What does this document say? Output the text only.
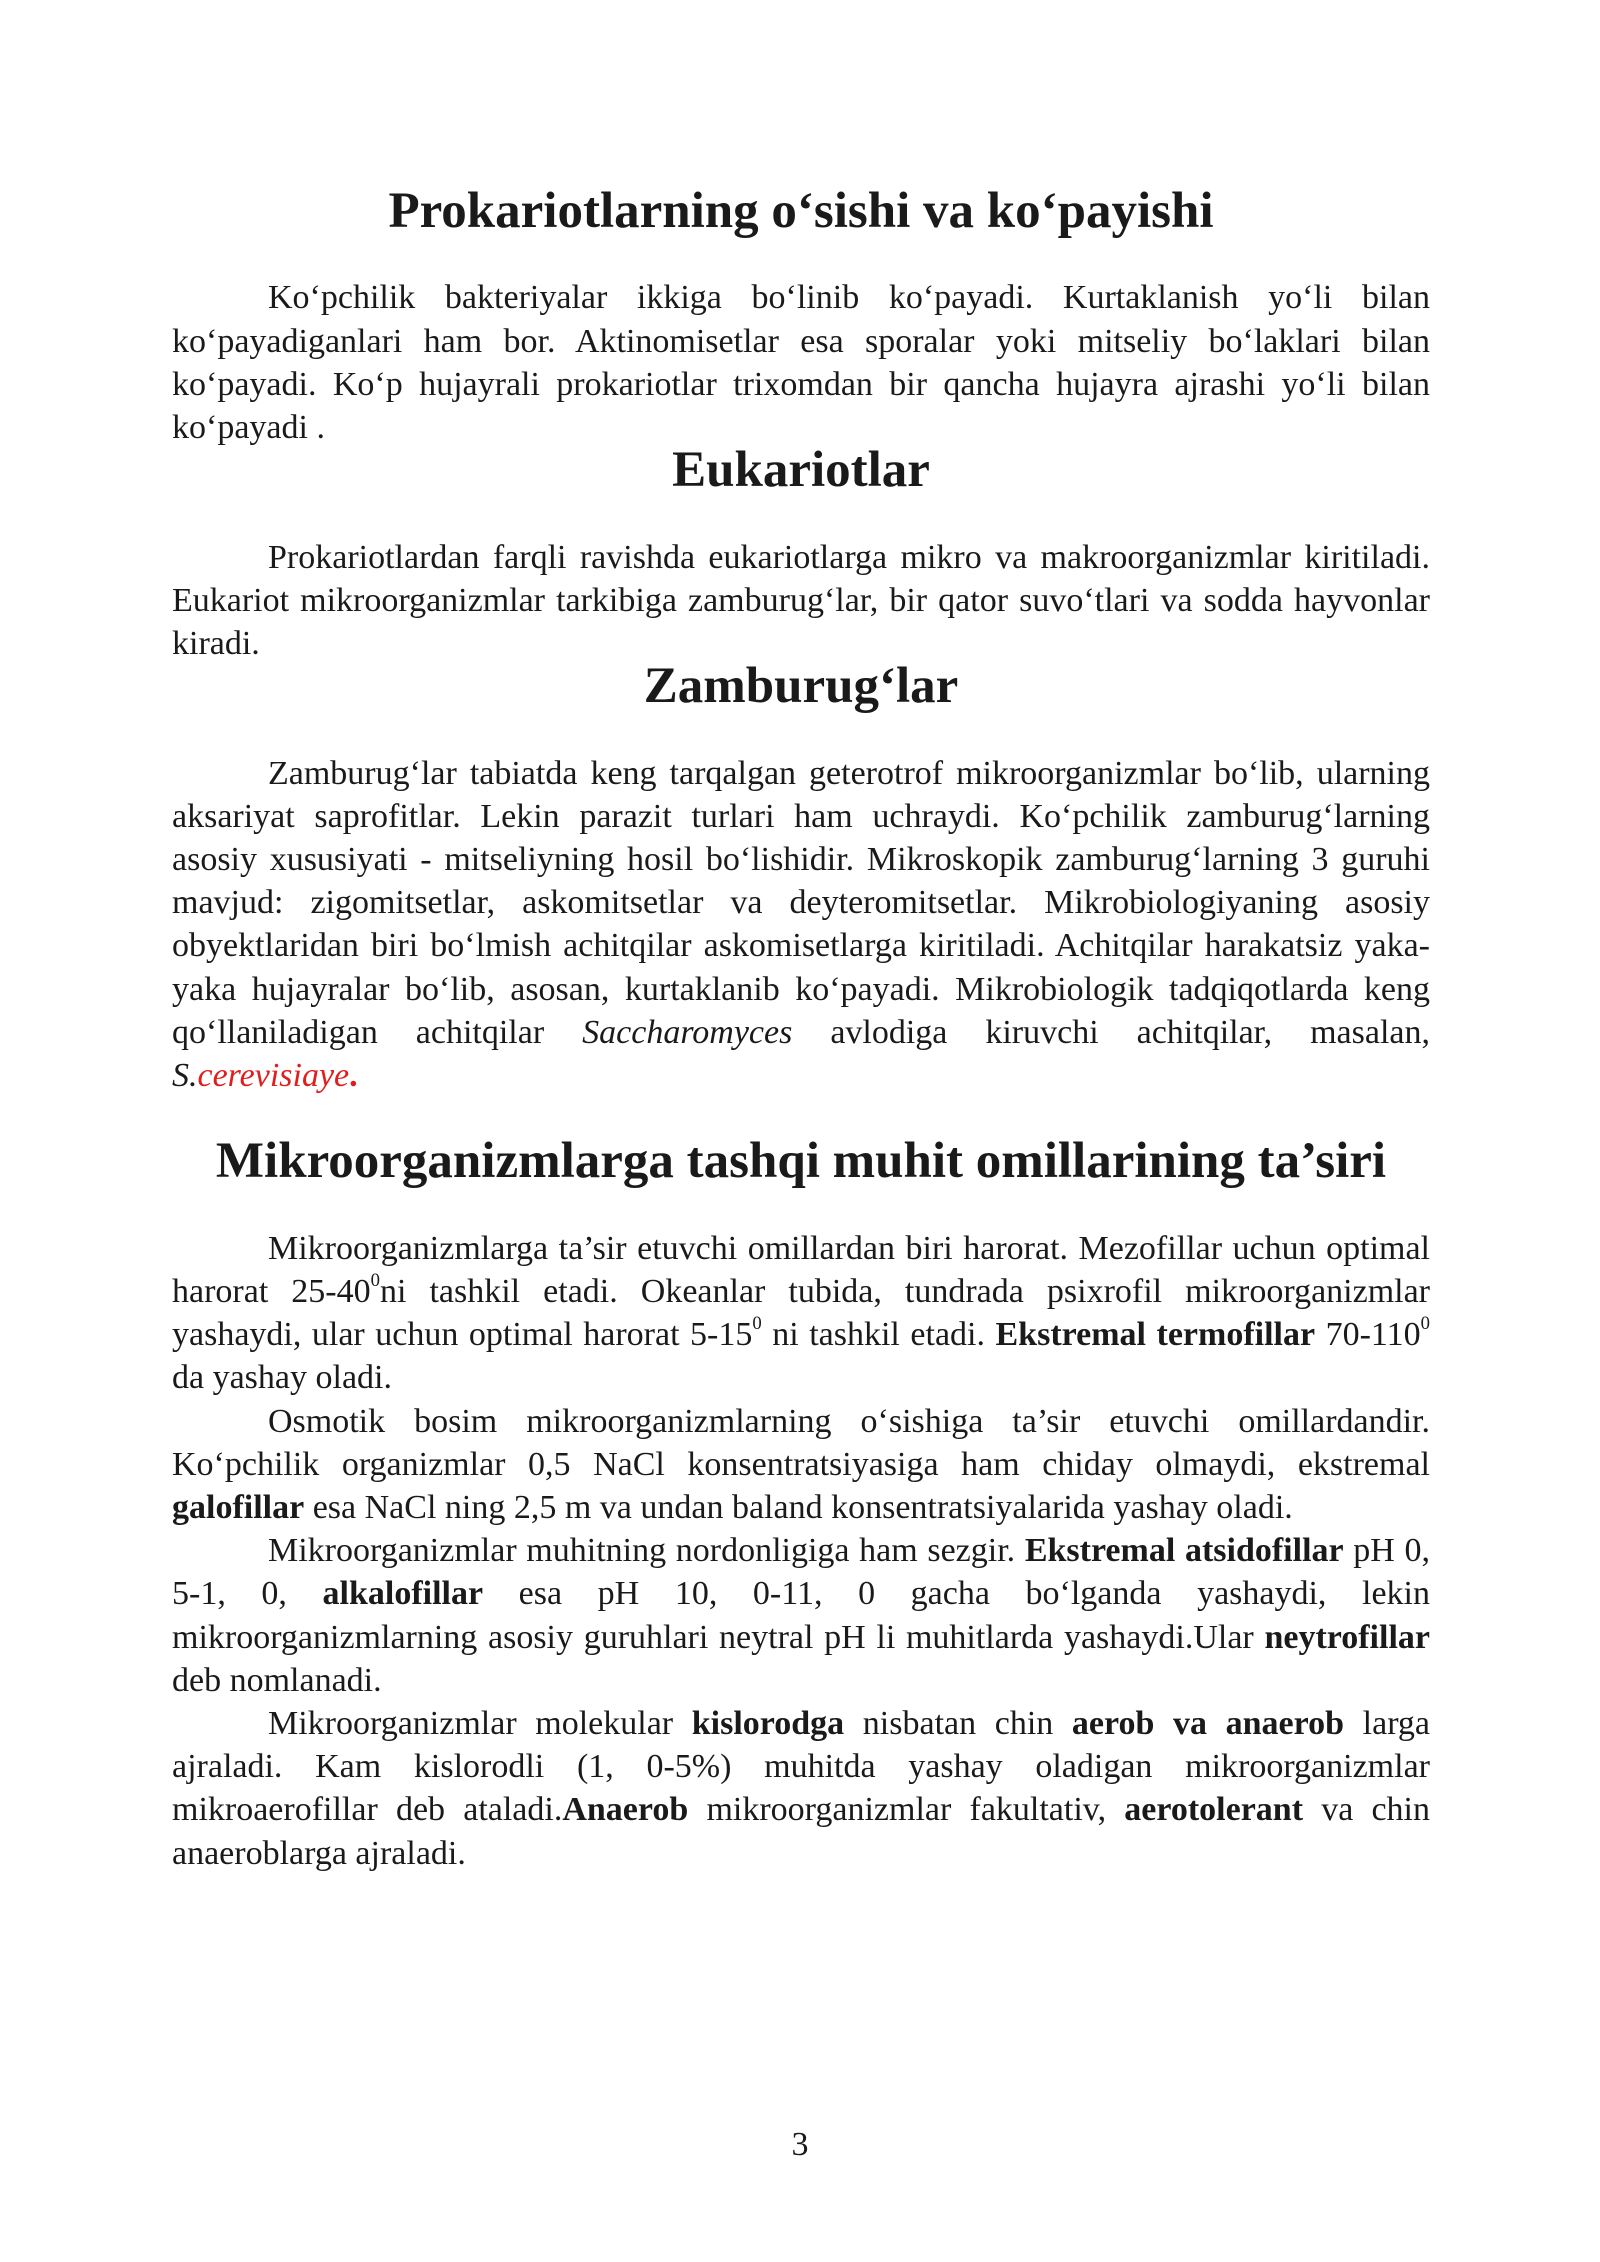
Prokariotlarning o‘sishi va ko‘payishi

Ko‘pchilik bakteriyalar ikkiga bo‘linib ko‘payadi. Kurtaklanish yo‘li bilan ko‘payadiganlari ham bor. Aktinomisetlar esa sporalar yoki mitseliy bo‘laklari bilan ko‘payadi. Ko‘p hujayrali prokariotlar trixomdan bir qancha hujayra ajrashi yo‘li bilan ko‘payadi .

Eukariotlar

Prokariotlardan farqli ravishda eukariotlarga mikro va makroorganizmlar kiritiladi. Eukariot mikroorganizmlar tarkibiga zamburug‘lar, bir qator suvo‘tlari va sodda hayvonlar kiradi.

Zamburug‘lar

Zamburug‘lar tabiatda keng tarqalgan geterotrof mikroorganizmlar bo‘lib, ularning aksariyat saprofitlar. Lekin parazit turlari ham uchraydi. Ko‘pchilik zamburug‘larning asosiy xususiyati - mitseliyning hosil bo‘lishidir. Mikroskopik zamburug‘larning 3 guruhi mavjud: zigomitsetlar, askomitsetlar va deyteromitsetlar. Mikrobiologiyaning asosiy obyektlaridan biri bo‘lmish achitqilar askomisetlarga kiritiladi. Achitqilar harakatsiz yaka-yaka hujayralar bo‘lib, asosan, kurtaklanib ko‘payadi. Mikrobiologik tadqiqotlarda keng qo‘llaniladigan achitqilar Saccharomyces avlodiga kiruvchi achitqilar, masalan, S.cerevisiaye.

Mikroorganizmlarga tashqi muhit omillarining ta’siri

Mikroorganizmlarga ta’sir etuvchi omillardan biri harorat. Mezofillar uchun optimal harorat $25-40^0ni$ tashkil etadi. Okeanlar tubida, tundrada psixrofil mikroorganizmlar yashaydi, ular uchun optimal harorat $5-15^0$ ni tashkil etadi. Ekstremal termofillar $70-110^0$ da yashay oladi.

Osmotik bosim mikroorganizmlarning o‘sishiga ta’sir etuvchi omillardandir. Ko‘pchilik organizmlar 0,5 NaCl konsentratsiyasiga ham chiday olmaydi, ekstremal galofillar esa NaCl ning 2,5 m va undan baland konsentratsiyalarida yashay oladi.

Mikroorganizmlar muhitning nordonligiga ham sezgir. Ekstremal atsidofillar pH 0, 5-1, 0, alkalofillar esa pH 10, 0-11, 0 gacha bo‘lganda yashaydi, lekin mikroorganizmlarning asosiy guruhlari neytral pH li muhitlarda yashaydi.Ular neytrofillar deb nomlanadi.

Mikroorganizmlar molekular kislorodga nisbatan chin aerob va anaerob larga ajraladi. Kam kislorodli (1, 0-5%) muhitda yashay oladigan mikroorganizmlar mikroaerofillar deb ataladi.Anaerob mikroorganizmlar fakultativ, aerotolerant va chin anaeroblarga ajraladi.

3
